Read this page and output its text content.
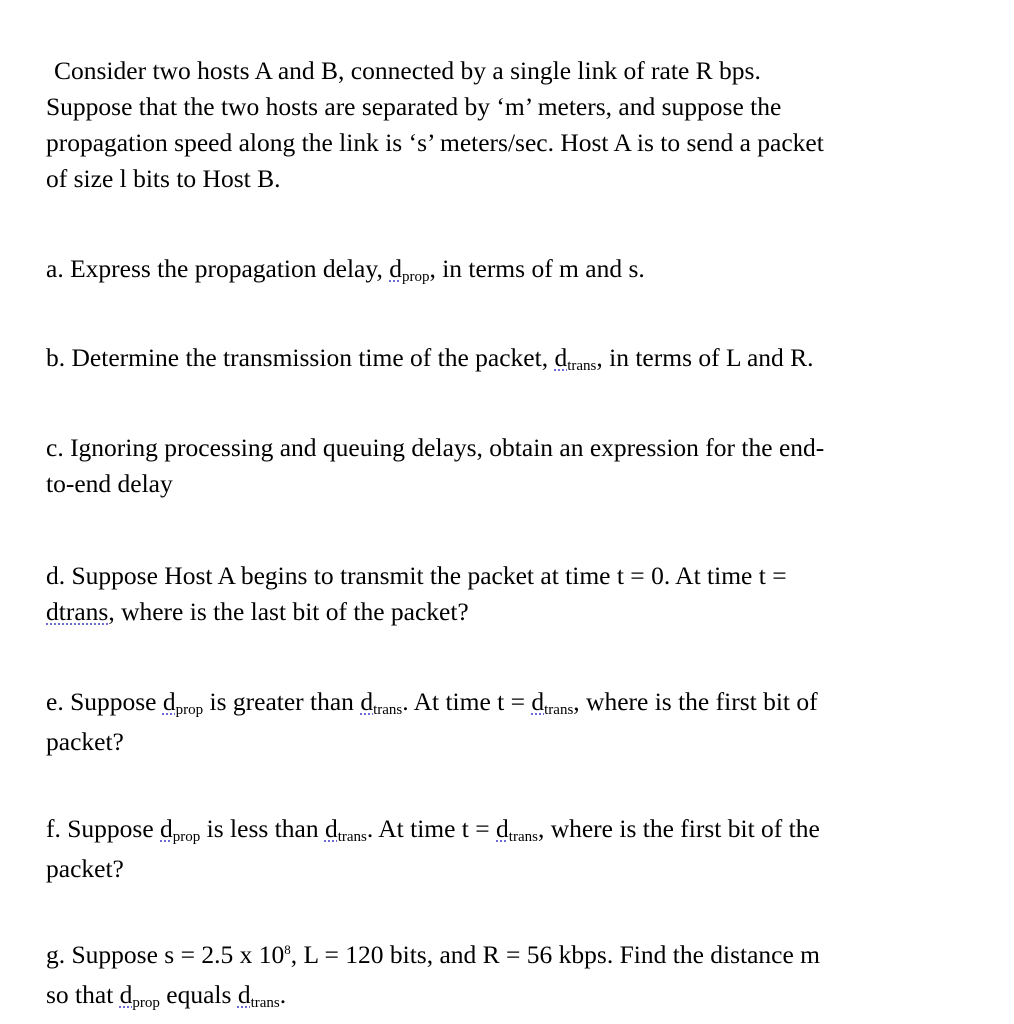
Consider two hosts A and B, connected by a single link of rate R bps.
Suppose that the two hosts are separated by ‘m’ meters, and suppose the
propagation speed along the link is ‘s’ meters/sec. Host A is to send a packet
of size l bits to Host B.
a. Express the propagation delay, dprop, in terms of m and s.
b. Determine the transmission time of the packet, dtrans, in terms of L and R.
c. Ignoring processing and queuing delays, obtain an expression for the end-
to-end delay
d. Suppose Host A begins to transmit the packet at time t = 0. At time t =
dtrans, where is the last bit of the packet?
e. Suppose dprop is greater than dtrans. At time t = dtrans, where is the first bit of
packet?
f. Suppose dprop is less than dtrans. At time t = dtrans, where is the first bit of the
packet?
g. Suppose s = 2.5 x $10^8$, L = 120 bits, and R = 56 kbps. Find the distance m
so that dprop equals dtrans.
